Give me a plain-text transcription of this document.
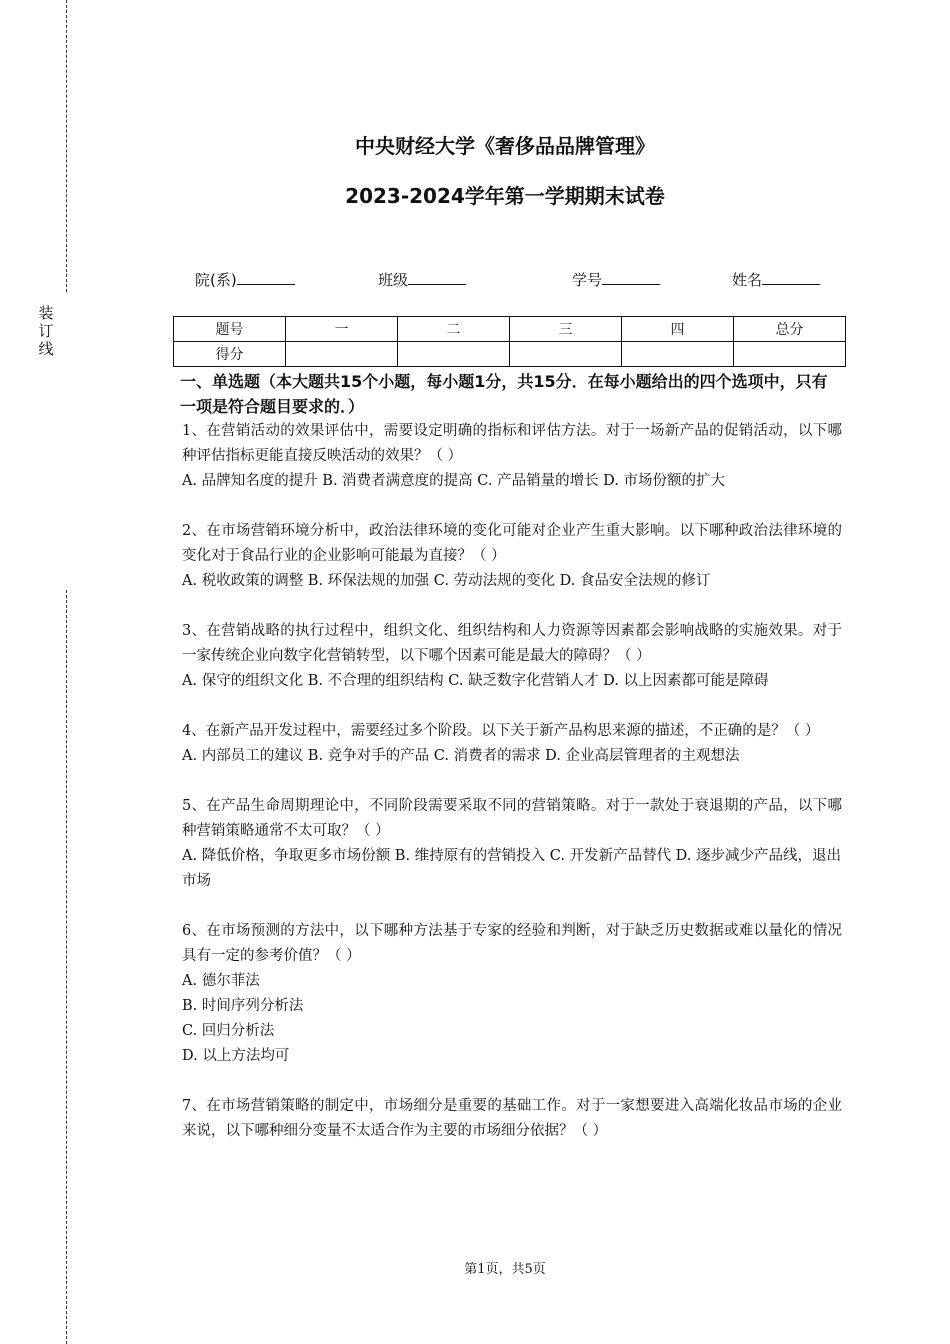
装
订
线
中央财经大学《奢侈品品牌管理》
2023-2024学年第一学期期末试卷
院(系)	班级	学号	姓名
题号	一	二	三	四	总分
得分					
一、单选题（本大题共15个小题，每小题1分，共15分．在每小题给出的四个选项中，只有一项是符合题目要求的．）

1、在营销活动的效果评估中，需要设定明确的指标和评估方法。对于一场新产品的促销活动，以下哪种评估指标更能直接反映活动的效果？（ ）

A. 品牌知名度的提升 B. 消费者满意度的提高 C. 产品销量的增长 D. 市场份额的扩大

2、在市场营销环境分析中，政治法律环境的变化可能对企业产生重大影响。以下哪种政治法律环境的变化对于食品行业的企业影响可能最为直接？（ ）

A. 税收政策的调整 B. 环保法规的加强 C. 劳动法规的变化 D. 食品安全法规的修订

3、在营销战略的执行过程中，组织文化、组织结构和人力资源等因素都会影响战略的实施效果。对于一家传统企业向数字化营销转型，以下哪个因素可能是最大的障碍？（ ）

A. 保守的组织文化 B. 不合理的组织结构 C. 缺乏数字化营销人才 D. 以上因素都可能是障碍

4、在新产品开发过程中，需要经过多个阶段。以下关于新产品构思来源的描述，不正确的是？（ ）

A. 内部员工的建议 B. 竞争对手的产品 C. 消费者的需求 D. 企业高层管理者的主观想法

5、在产品生命周期理论中，不同阶段需要采取不同的营销策略。对于一款处于衰退期的产品，以下哪种营销策略通常不太可取？（ ）

A. 降低价格，争取更多市场份额 B. 维持原有的营销投入 C. 开发新产品替代 D. 逐步减少产品线，退出市场

6、在市场预测的方法中，以下哪种方法基于专家的经验和判断，对于缺乏历史数据或难以量化的情况具有一定的参考价值？（ ）

A. 德尔菲法

B. 时间序列分析法

C. 回归分析法

D. 以上方法均可

7、在市场营销策略的制定中，市场细分是重要的基础工作。对于一家想要进入高端化妆品市场的企业来说，以下哪种细分变量不太适合作为主要的市场细分依据？（ ）

第1页，共5页
